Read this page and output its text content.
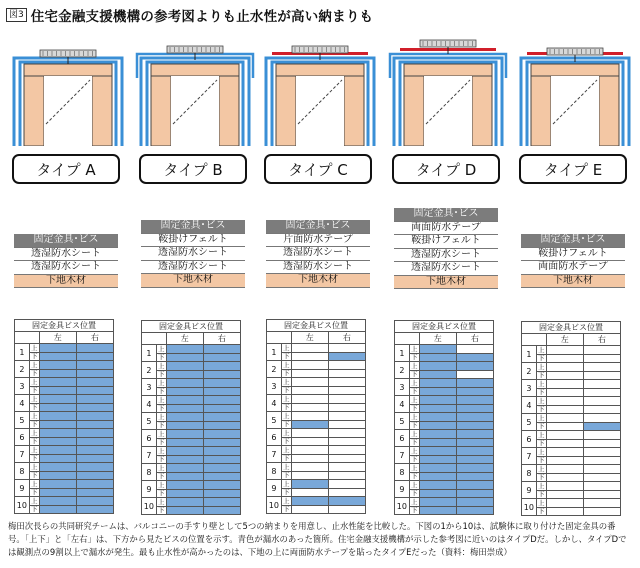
図3 住宅金融支援機構の参考図よりも止水性が高い納まりも
タイプ A
固定金具･ビス
透湿防水シート
透湿防水シート
下地木材
固定金具ビス位置			
		左	右
1	上		
	下		
2	上		
	下		
3	上		
	下		
4	上		
	下		
5	上		
	下		
6	上		
	下		
7	上		
	下		
8	上		
	下		
9	上		
	下		
10	上		
	下		
タイプ B
固定金具･ビス
鞍掛けフェルト
透湿防水シート
透湿防水シート
下地木材
固定金具ビス位置			
		左	右
1	上		
	下		
2	上		
	下		
3	上		
	下		
4	上		
	下		
5	上		
	下		
6	上		
	下		
7	上		
	下		
8	上		
	下		
9	上		
	下		
10	上		
	下		
タイプ C
固定金具･ビス
片面防水テープ
透湿防水シート
透湿防水シート
下地木材
固定金具ビス位置			
		左	右
1	上		
	下		
2	上		
	下		
3	上		
	下		
4	上		
	下		
5	上		
	下		
6	上		
	下		
7	上		
	下		
8	上		
	下		
9	上		
	下		
10	上		
	下		
タイプ D
固定金具･ビス
両面防水テープ
鞍掛けフェルト
透湿防水シート
透湿防水シート
下地木材
固定金具ビス位置			
		左	右
1	上		
	下		
2	上		
	下		
3	上		
	下		
4	上		
	下		
5	上		
	下		
6	上		
	下		
7	上		
	下		
8	上		
	下		
9	上		
	下		
10	上		
	下		
タイプ E
固定金具･ビス
鞍掛けフェルト
両面防水テープ
下地木材
固定金具ビス位置			
		左	右
1	上		
	下		
2	上		
	下		
3	上		
	下		
4	上		
	下		
5	上		
	下		
6	上		
	下		
7	上		
	下		
8	上		
	下		
9	上		
	下		
10	上		
	下		
梅田次長らの共同研究チームは、バルコニーの手すり壁として5つの納まりを用意し、止水性能を比較した。下図の1から10は、試験体に取り付けた固定金具の番号。「上下」と「左右」は、下方から見たビスの位置を示す。青色が漏水のあった箇所。住宅金融支援機構が示した参考図に近いのはタイプDだ。しかし、タイプDでは観測点の9割以上で漏水が発生。最も止水性が高かったのは、下地の上に両面防水テープを貼ったタイプEだった（資料：梅田崇成）
